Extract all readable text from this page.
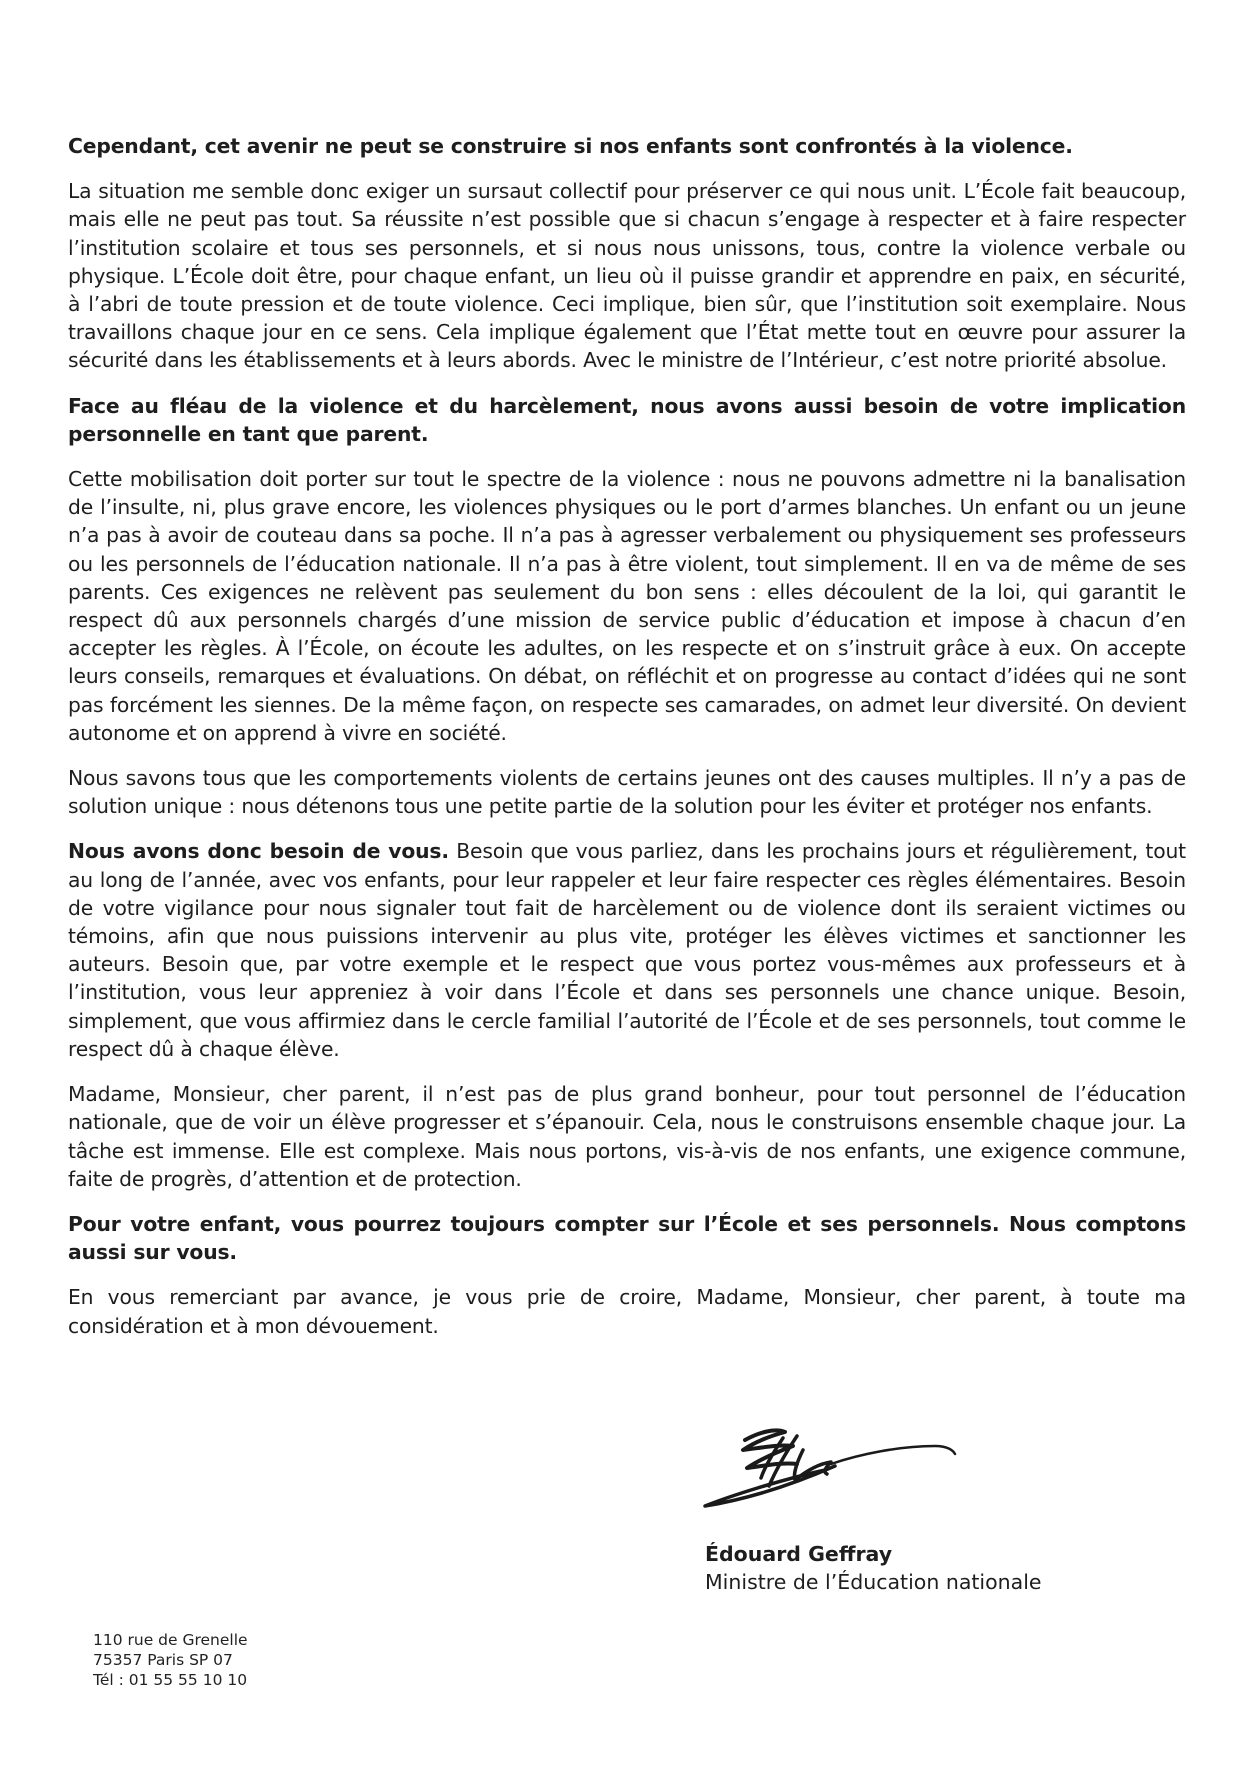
Cependant, cet avenir ne peut se construire si nos enfants sont confrontés à la violence.

La situation me semble donc exiger un sursaut collectif pour préserver ce qui nous unit. L’École fait beaucoup, mais elle ne peut pas tout. Sa réussite n’est possible que si chacun s’engage à respecter et à faire respecter l’institution scolaire et tous ses personnels, et si nous nous unissons, tous, contre la violence verbale ou physique. L’École doit être, pour chaque enfant, un lieu où il puisse grandir et apprendre en paix, en sécurité, à l’abri de toute pression et de toute violence. Ceci implique, bien sûr, que l’institution soit exemplaire. Nous travaillons chaque jour en ce sens. Cela implique également que l’État mette tout en œuvre pour assurer la sécurité dans les établissements et à leurs abords. Avec le ministre de l’Intérieur, c’est notre priorité absolue.

Face au fléau de la violence et du harcèlement, nous avons aussi besoin de votre implication personnelle en tant que parent.

Cette mobilisation doit porter sur tout le spectre de la violence : nous ne pouvons admettre ni la banalisation de l’insulte, ni, plus grave encore, les violences physiques ou le port d’armes blanches. Un enfant ou un jeune n’a pas à avoir de couteau dans sa poche. Il n’a pas à agresser verbalement ou physiquement ses professeurs ou les personnels de l’éducation nationale. Il n’a pas à être violent, tout simplement. Il en va de même de ses parents. Ces exigences ne relèvent pas seulement du bon sens : elles découlent de la loi, qui garantit le respect dû aux personnels chargés d’une mission de service public d’éducation et impose à chacun d’en accepter les règles. À l’École, on écoute les adultes, on les respecte et on s’instruit grâce à eux. On accepte leurs conseils, remarques et évaluations. On débat, on réfléchit et on progresse au contact d’idées qui ne sont pas forcément les siennes. De la même façon, on respecte ses camarades, on admet leur diversité. On devient autonome et on apprend à vivre en société.

Nous savons tous que les comportements violents de certains jeunes ont des causes multiples. Il n’y a pas de solution unique : nous détenons tous une petite partie de la solution pour les éviter et protéger nos enfants.

Nous avons donc besoin de vous. Besoin que vous parliez, dans les prochains jours et régulièrement, tout au long de l’année, avec vos enfants, pour leur rappeler et leur faire respecter ces règles élémentaires. Besoin de votre vigilance pour nous signaler tout fait de harcèlement ou de violence dont ils seraient victimes ou témoins, afin que nous puissions intervenir au plus vite, protéger les élèves victimes et sanctionner les auteurs. Besoin que, par votre exemple et le respect que vous portez vous-mêmes aux professeurs et à l’institution, vous leur appreniez à voir dans l’École et dans ses personnels une chance unique. Besoin, simplement, que vous affirmiez dans le cercle familial l’autorité de l’École et de ses personnels, tout comme le respect dû à chaque élève.

Madame, Monsieur, cher parent, il n’est pas de plus grand bonheur, pour tout personnel de l’éducation nationale, que de voir un élève progresser et s’épanouir. Cela, nous le construisons ensemble chaque jour. La tâche est immense. Elle est complexe. Mais nous portons, vis-à-vis de nos enfants, une exigence commune, faite de progrès, d’attention et de protection.

Pour votre enfant, vous pourrez toujours compter sur l’École et ses personnels. Nous comptons aussi sur vous.

En vous remerciant par avance, je vous prie de croire, Madame, Monsieur, cher parent, à toute ma considération et à mon dévouement.

Édouard Geffray
Ministre de l’Éducation nationale
110 rue de Grenelle
75357 Paris SP 07
Tél : 01 55 55 10 10
